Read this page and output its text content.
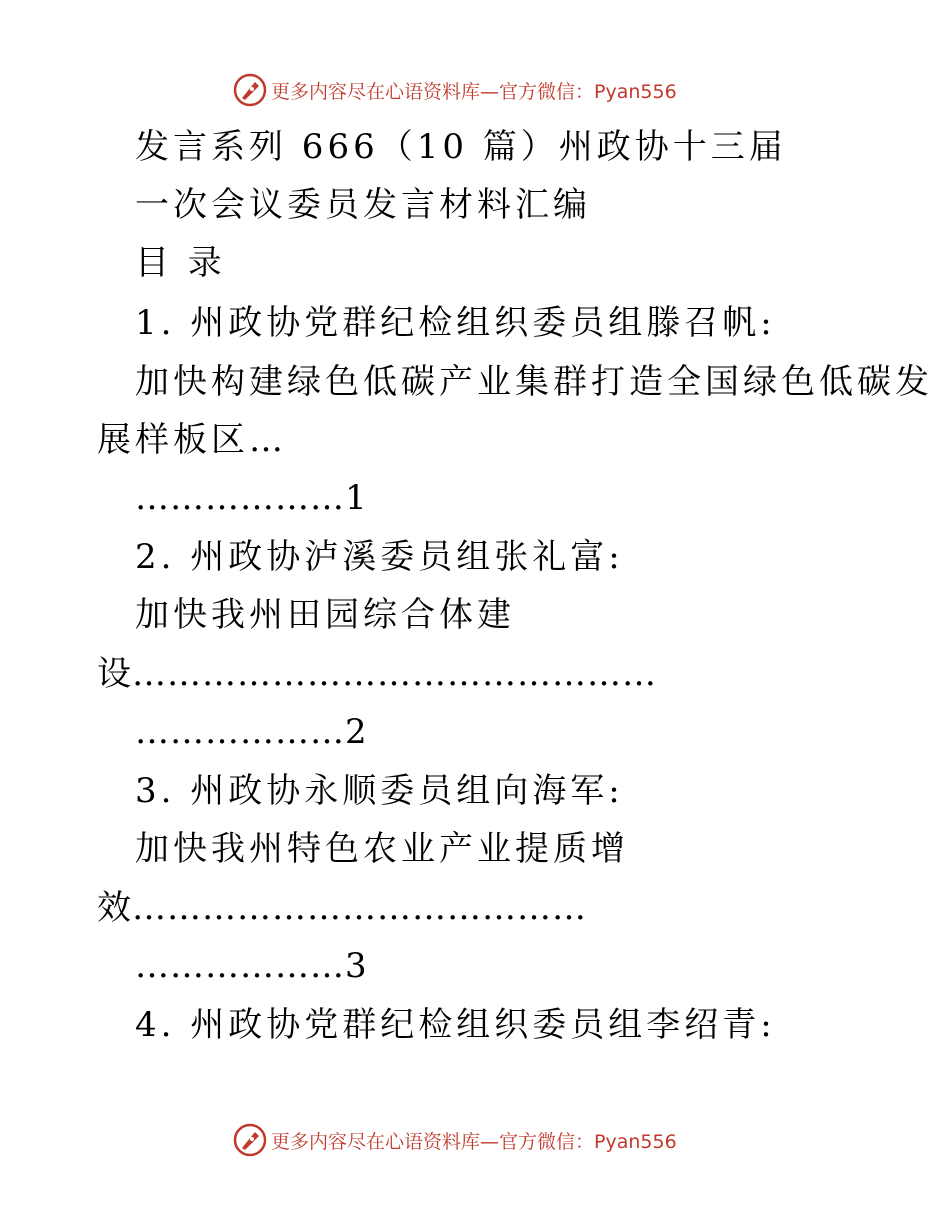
更多内容尽在心语资料库—官方微信：Pyan556
发言系列 666（10 篇）州政协十三届
一次会议委员发言材料汇编
目 录
1. 州政协党群纪检组织委员组滕召帆:
加快构建绿色低碳产业集群打造全国绿色低碳发
展样板区…
………………1
2. 州政协泸溪委员组张礼富:
加快我州田园综合体建
设………………………………………
………………2
3. 州政协永顺委员组向海军:
加快我州特色农业产业提质增
效…………………………………
………………3
4. 州政协党群纪检组织委员组李绍青:
更多内容尽在心语资料库—官方微信：Pyan556
